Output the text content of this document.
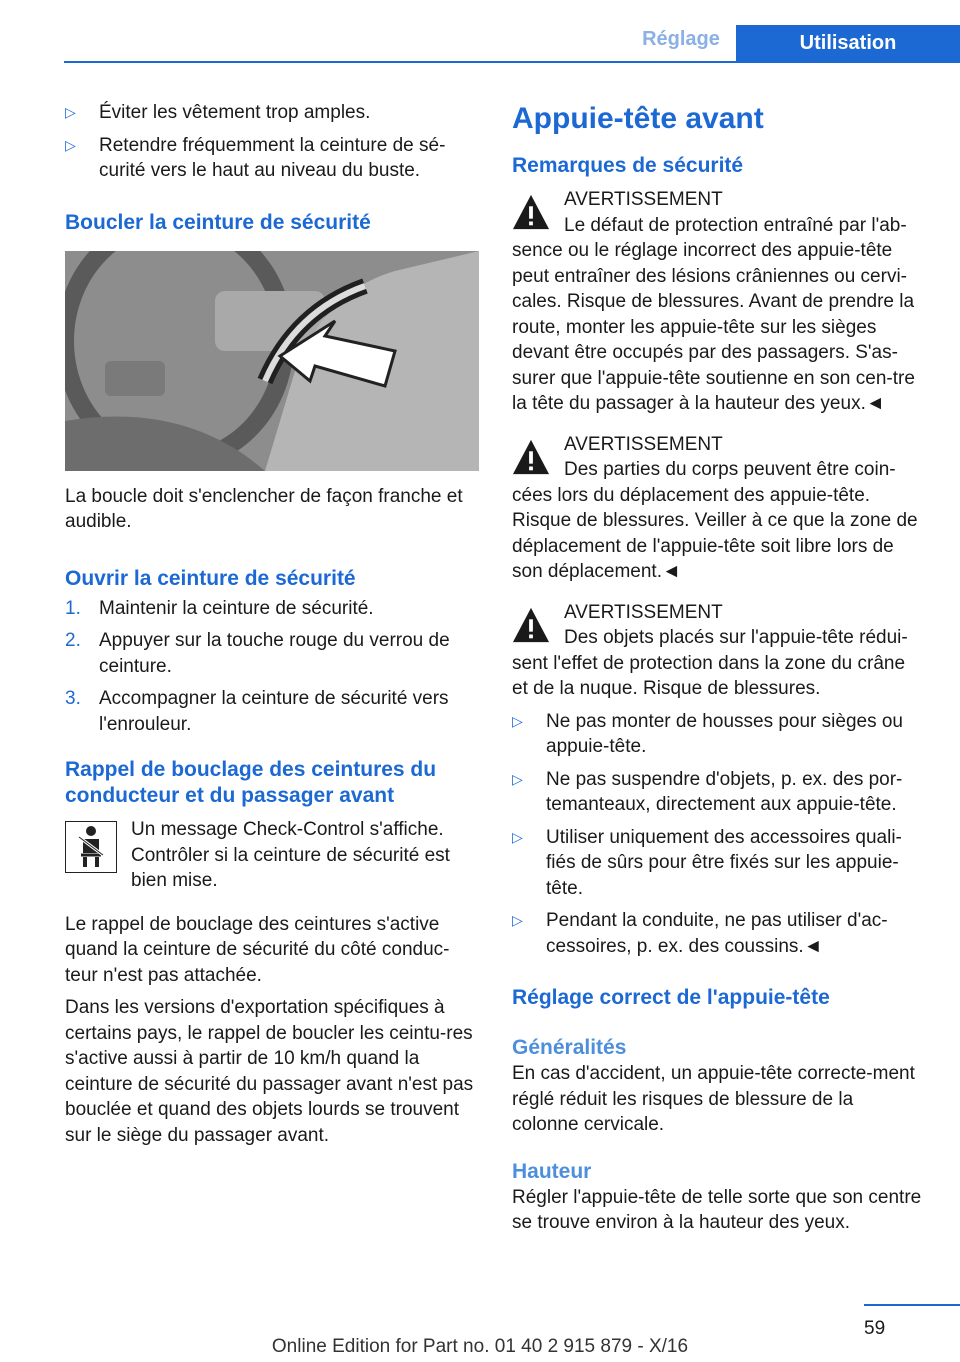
Réglage	Utilisation
▷	Éviter les vêtement trop amples.
▷	Retendre fréquemment la ceinture de sé‐curité vers le haut au niveau du buste.
Boucler la ceinture de sécurité

La boucle doit s'enclencher de façon franche et audible.

Ouvrir la ceinture de sécurité
1. Maintenir la ceinture de sécurité.
2. Appuyer sur la touche rouge du verrou de ceinture.
3. Accompagner la ceinture de sécurité vers l'enrouleur.
Rappel de bouclage des ceintures du conducteur et du passager avant

Un message Check-Control s'affiche. Contrôler si la ceinture de sécurité est bien mise.

Le rappel de bouclage des ceintures s'active quand la ceinture de sécurité du côté conduc‐teur n'est pas attachée.

Dans les versions d'exportation spécifiques à certains pays, le rappel de boucler les ceintu‐res s'active aussi à partir de 10 km/h quand la ceinture de sécurité du passager avant n'est pas bouclée et quand des objets lourds se trouvent sur le siège du passager avant.

Appuie-tête avant
Remarques de sécurité

AVERTISSEMENT

Le défaut de protection entraîné par l'ab‐sence ou le réglage incorrect des appuie-tête peut entraîner des lésions crâniennes ou cervi‐cales. Risque de blessures. Avant de prendre la route, monter les appuie-tête sur les sièges devant être occupés par des passagers. S'as‐surer que l'appuie-tête soutienne en son cen‐tre la tête du passager à la hauteur des yeux.◄

AVERTISSEMENT

Des parties du corps peuvent être coin‐cées lors du déplacement des appuie-tête. Risque de blessures. Veiller à ce que la zone de déplacement de l'appuie-tête soit libre lors de son déplacement.◄

AVERTISSEMENT

Des objets placés sur l'appuie-tête rédui‐sent l'effet de protection dans la zone du crâne et de la nuque. Risque de blessures.

▷	Ne pas monter de housses pour sièges ou appuie-tête.
▷	Ne pas suspendre d'objets, p. ex. des por‐temanteaux, directement aux appuie-tête.
▷	Utiliser uniquement des accessoires quali‐fiés de sûrs pour être fixés sur les appuie-tête.
▷	Pendant la conduite, ne pas utiliser d'ac‐cessoires, p. ex. des coussins.◄
Réglage correct de l'appuie-tête
Généralités

En cas d'accident, un appuie-tête correcte‐ment réglé réduit les risques de blessure de la colonne cervicale.

Hauteur

Régler l'appuie-tête de telle sorte que son centre se trouve environ à la hauteur des yeux.

59
Online Edition for Part no. 01 40 2 915 879 - X/16
